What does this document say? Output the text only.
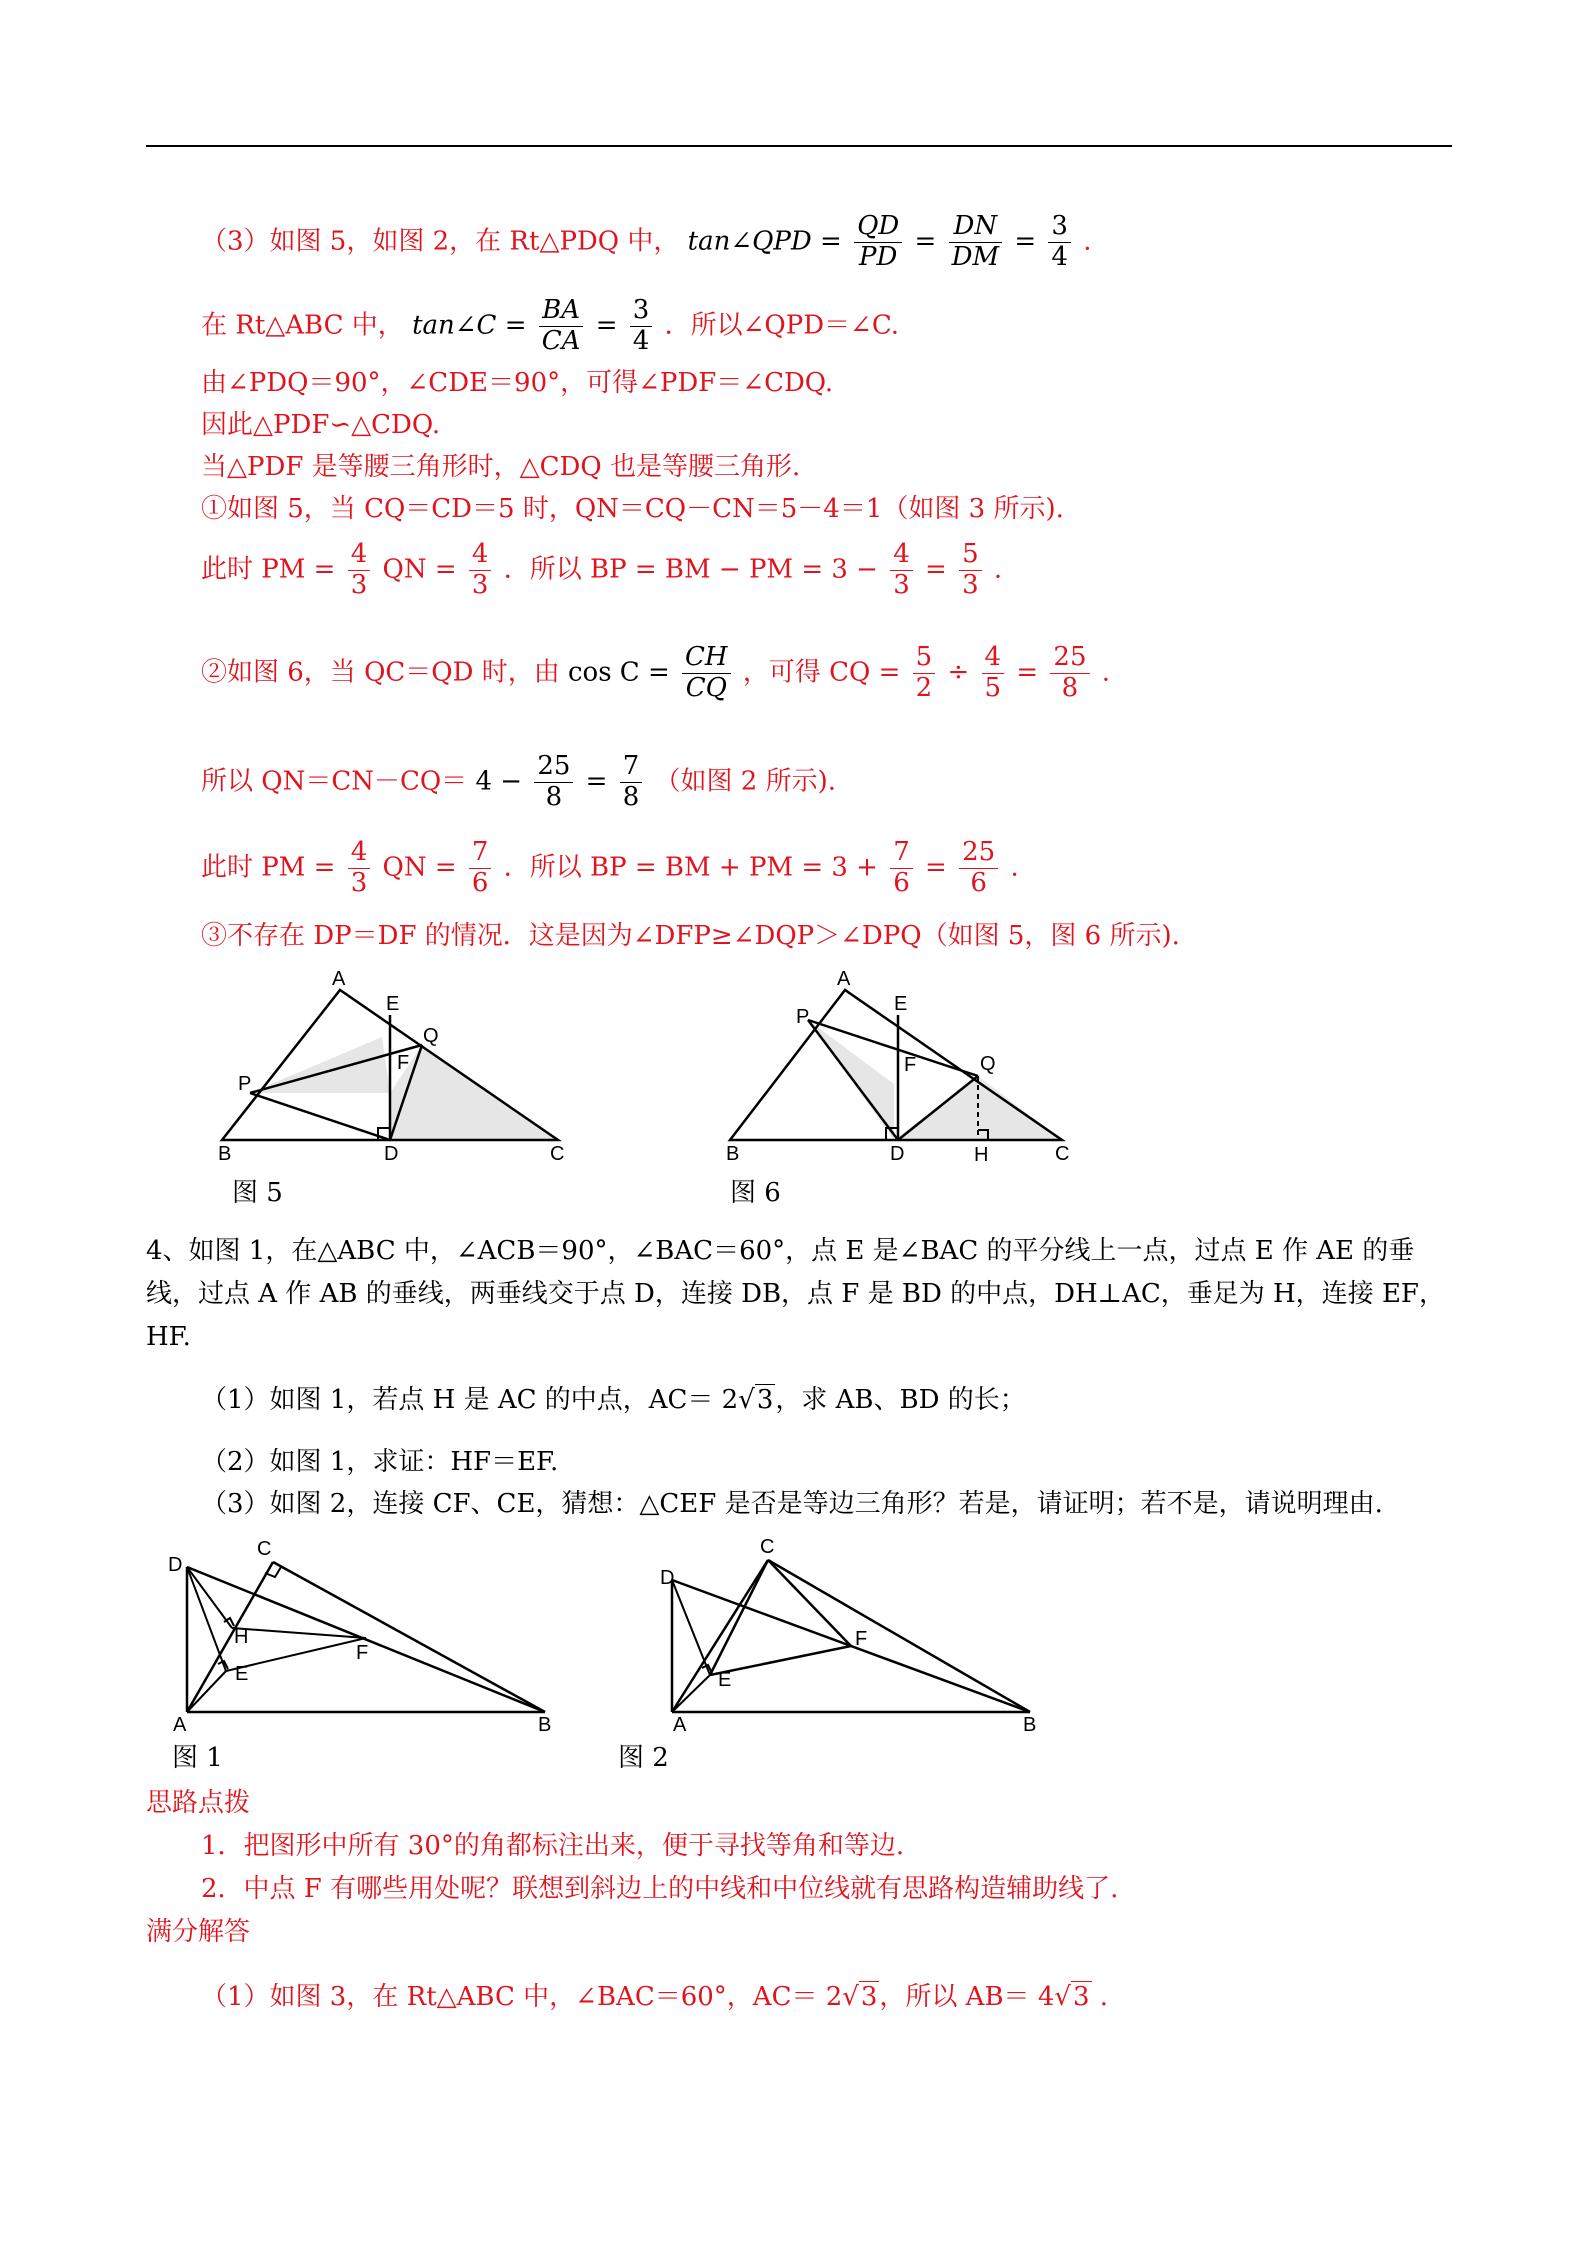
（3）如图 5，如图 2，在 Rt△PDQ 中， tan∠QPD = $\frac{QD}{PD} = \frac{DN}{DM} = \frac{3}{4}$ .
在 Rt△ABC 中， tan∠C = $\frac{BA}{CA} = \frac{3}{4}$ ．所以∠QPD＝∠C.
由∠PDQ＝90°，∠CDE＝90°，可得∠PDF＝∠CDQ.
因此△PDF∽△CDQ.
当△PDF 是等腰三角形时，△CDQ 也是等腰三角形.
①如图 5，当 CQ＝CD＝5 时，QN＝CQ－CN＝5－4＝1（如图 3 所示).
此时 PM = $\frac{4}{3}$ QN = $\frac{4}{3}$ ．所以 BP = BM − PM = $3 - \frac{4}{3} = \frac{5}{3}$ .
②如图 6，当 QC＝QD 时，由 $\cos C = \frac{CH}{CQ}$ ，可得 CQ = $\frac{5}{2} \div \frac{4}{5} = \frac{25}{8}$ .
所以 $QN=CN-CQ= 4 - \frac{25}{8} = \frac{7}{8}$ （如图 2 所示).
此时 PM = $\frac{4}{3}$ QN = $\frac{7}{6}$ ．所以 BP = BM + PM = $3 + \frac{7}{6} = \frac{25}{6}$ .
③不存在 DP＝DF 的情况．这是因为∠DFP≥∠DQP＞∠DPQ（如图 5，图 6 所示).
A
E
Q
F
P
B	D	C
图 5
A
E
P
F	Q
B	D	H	C
图 6
4、如图 1，在△ABC 中，∠ACB＝90°，∠BAC＝60°，点 E 是∠BAC 的平分线上一点，过点 E 作 AE 的垂
线，过点 A 作 AB 的垂线，两垂线交于点 D，连接 DB，点 F 是 BD 的中点，DH⊥AC，垂足为 H，连接 EF，
HF.
（1）如图 1，若点 H 是 AC 的中点，AC＝ 2√3，求 AB、BD 的长；
（2）如图 1，求证：HF＝EF.
（3）如图 2，连接 CF、CE，猜想：△CEF 是否是等边三角形？若是，请证明；若不是，请说明理由.
C
D
H
E
F
A	B
图 1
C
D
F
E
A	B
图 2
思路点拨
1．把图形中所有 30°的角都标注出来，便于寻找等角和等边.
2．中点 F 有哪些用处呢？联想到斜边上的中线和中位线就有思路构造辅助线了.
满分解答
（1）如图 3，在 Rt△ABC 中，∠BAC＝60°，AC＝ 2√3，所以 AB＝ 4√3 .
